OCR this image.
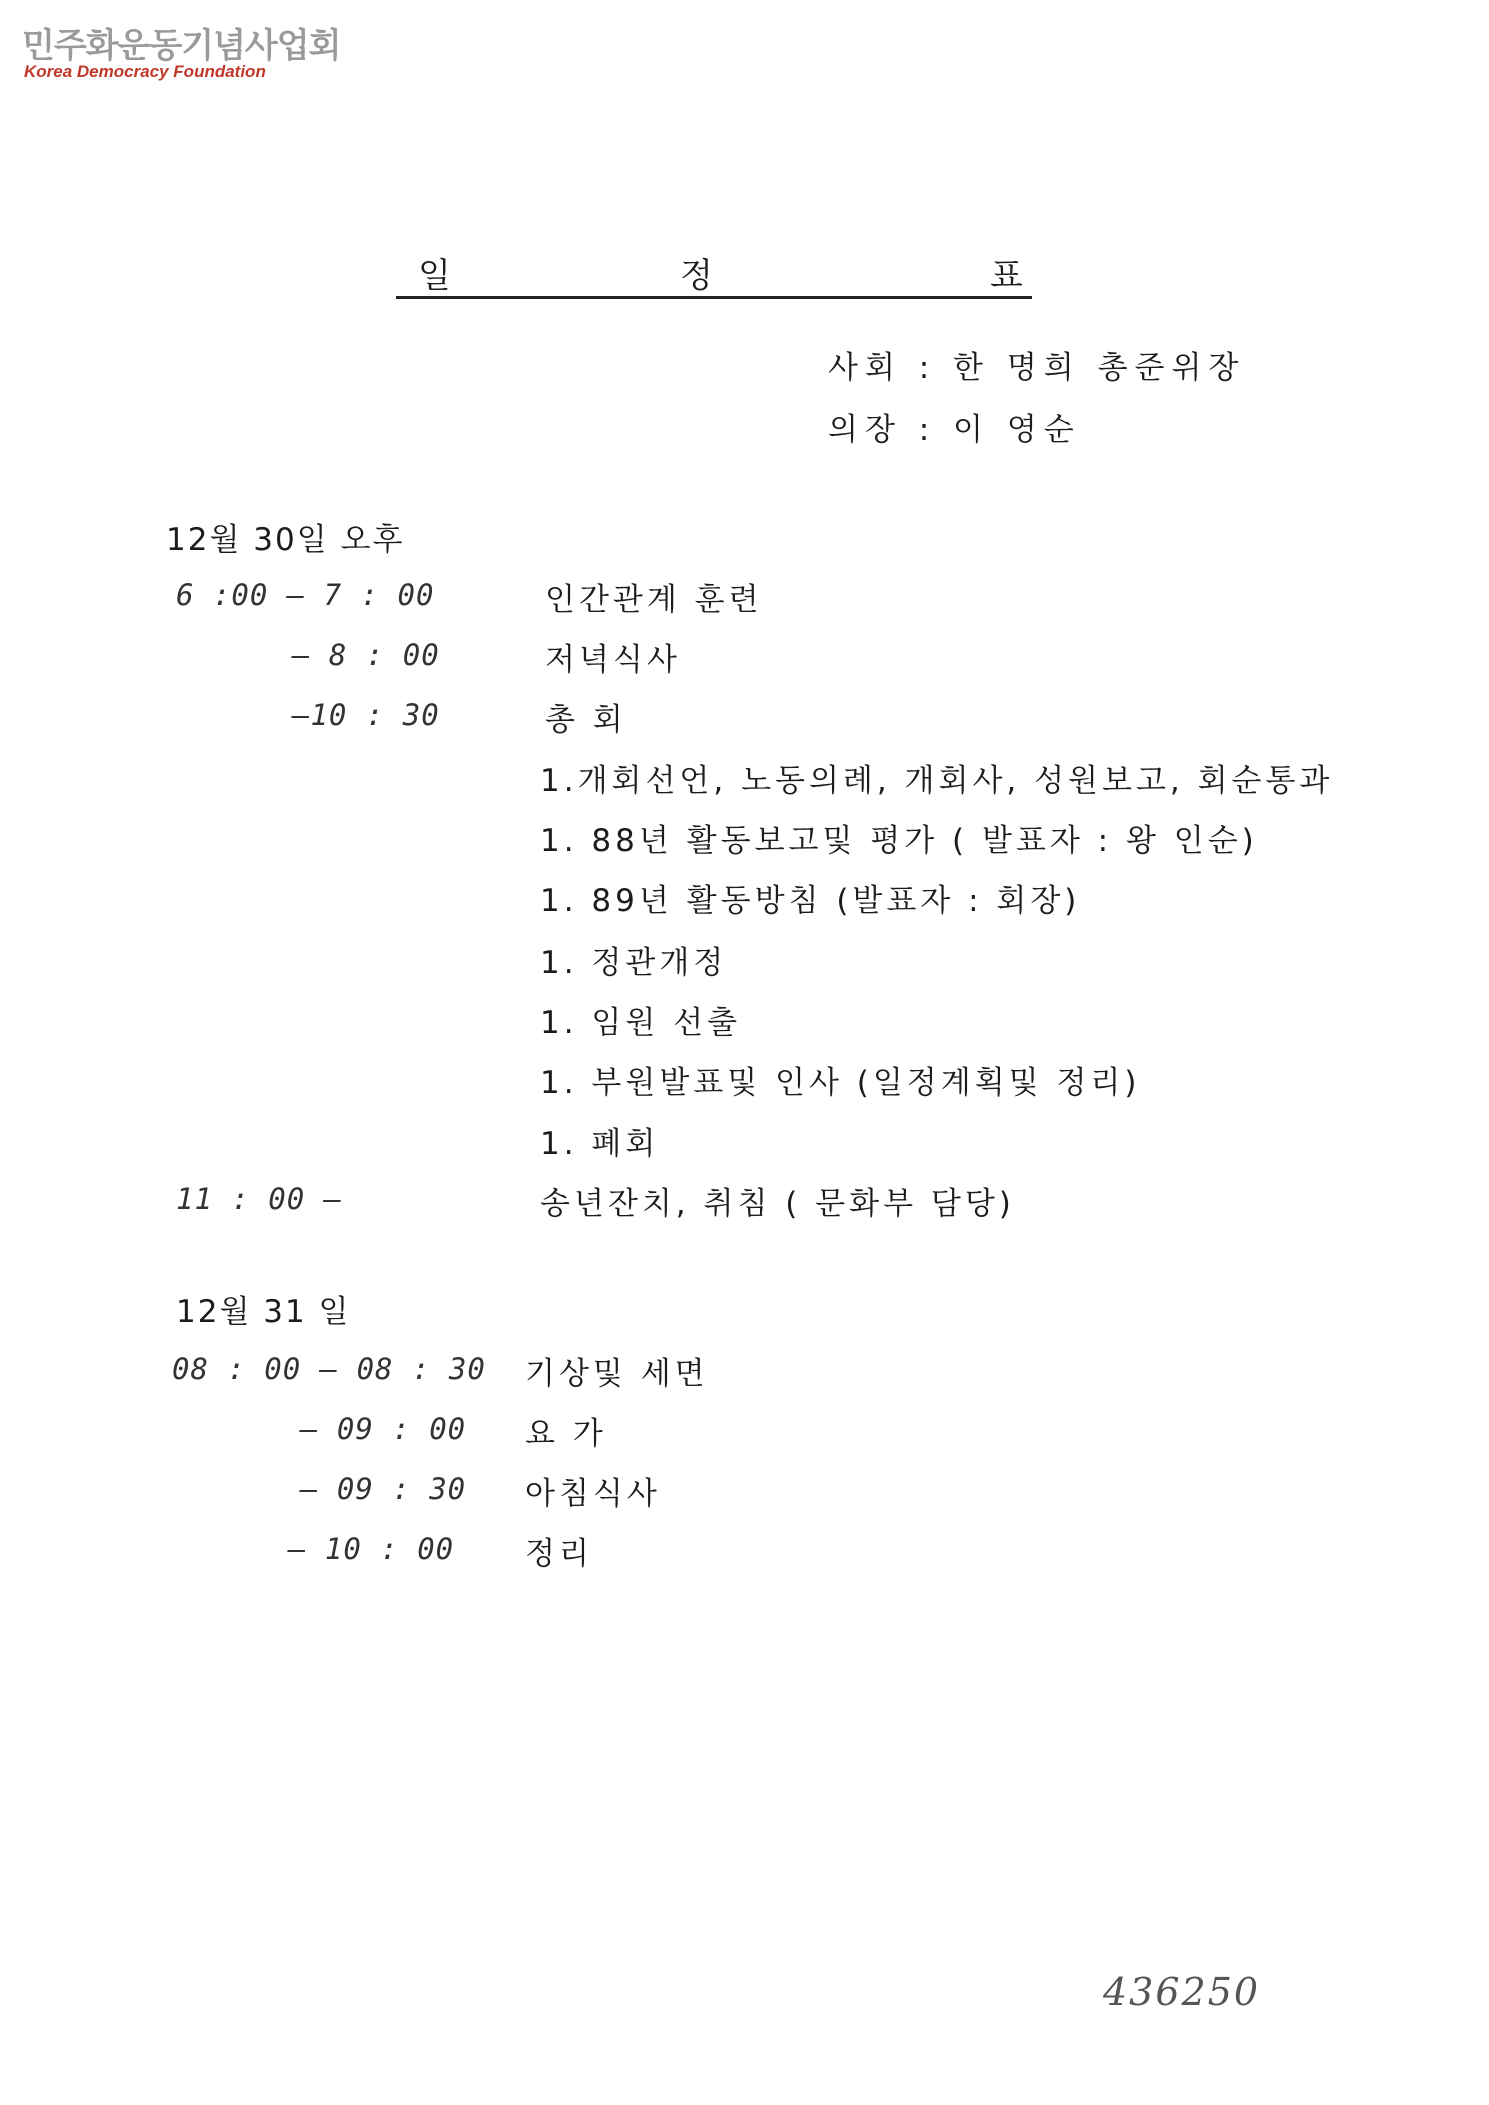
민주화운동기념사업회
Korea Democracy Foundation
일	정	표
사회 : 한 명희 총준위장
의장 : 이 영순
12월 30일 오후
6 :00 — 7 : 00	인간관계 훈련
— 8 : 00	저녁식사
—10 : 30	총 회
1.개회선언, 노동의례, 개회사, 성원보고, 회순통과
1. 88년 활동보고및 평가 ( 발표자 : 왕 인순)
1. 89년 활동방침 (발표자 : 회장)
1. 정관개정
1. 임원 선출
1. 부원발표및 인사 (일정계획및 정리)
1. 폐회
11 : 00 —	송년잔치, 취침 ( 문화부 담당)
12월 31 일
08 : 00 — 08 : 30 기상및 세면
— 09 : 00 요 가
— 09 : 30 아침식사
— 10 : 00 정리
436250
